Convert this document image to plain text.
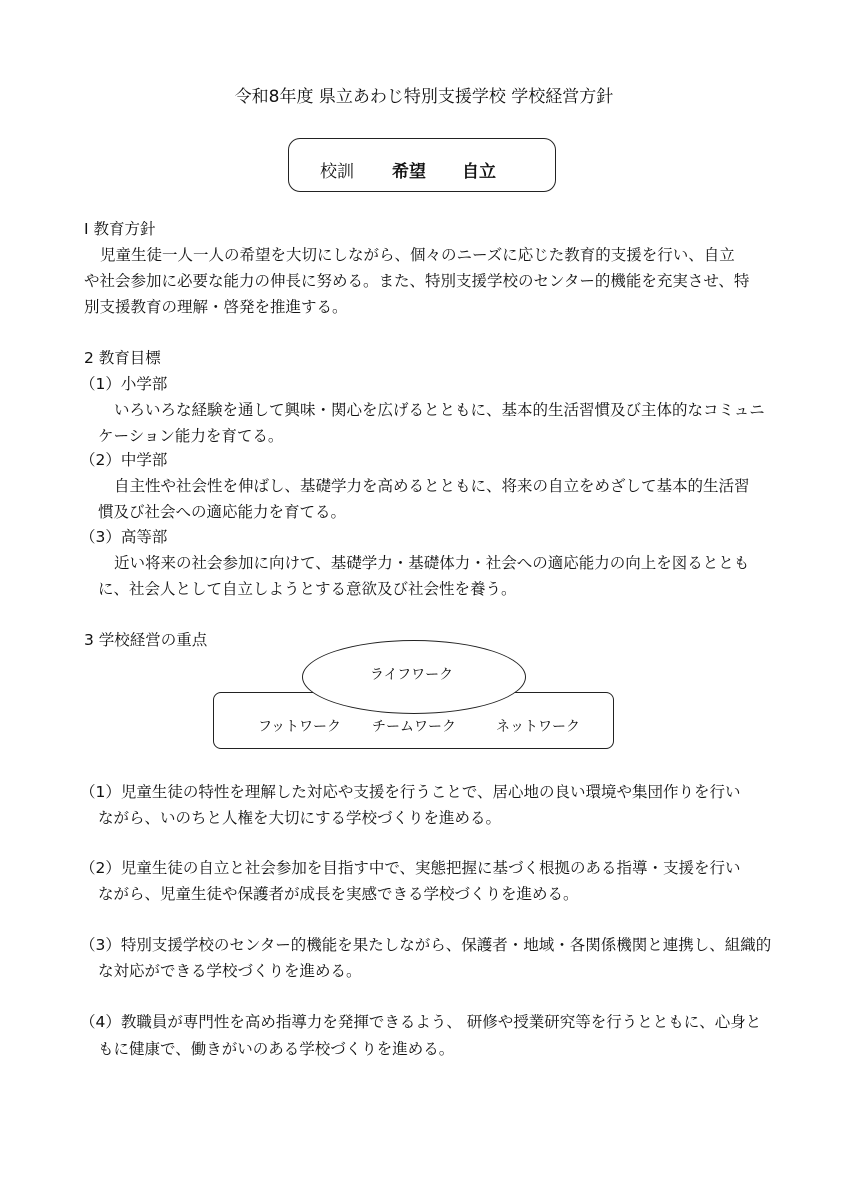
令和8年度 県立あわじ特別支援学校 学校経営方針
校訓 希望 自立
Ⅰ 教育方針
児童生徒一人一人の希望を大切にしながら、個々のニーズに応じた教育的支援を行い、自立
や社会参加に必要な能力の伸長に努める。また、特別支援学校のセンター的機能を充実させ、特
別支援教育の理解・啓発を推進する。
2 教育目標
（1）小学部
いろいろな経験を通して興味・関心を広げるとともに、基本的生活習慣及び主体的なコミュニ
ケーション能力を育てる。
（2）中学部
自主性や社会性を伸ばし、基礎学力を高めるとともに、将来の自立をめざして基本的生活習
慣及び社会への適応能力を育てる。
（3）高等部
近い将来の社会参加に向けて、基礎学力・基礎体力・社会への適応能力の向上を図るととも
に、社会人として自立しようとする意欲及び社会性を養う。
3 学校経営の重点
ライフワーク
フットワーク チームワーク	ネットワーク
（1）児童生徒の特性を理解した対応や支援を行うことで、居心地の良い環境や集団作りを行い
ながら、いのちと人権を大切にする学校づくりを進める。
（2）児童生徒の自立と社会参加を目指す中で、実態把握に基づく根拠のある指導・支援を行い
ながら、児童生徒や保護者が成長を実感できる学校づくりを進める。
（3）特別支援学校のセンター的機能を果たしながら、保護者・地域・各関係機関と連携し、組織的
な対応ができる学校づくりを進める。
（4）教職員が専門性を高め指導力を発揮できるよう、 研修や授業研究等を行うとともに、心身と
もに健康で、働きがいのある学校づくりを進める。
